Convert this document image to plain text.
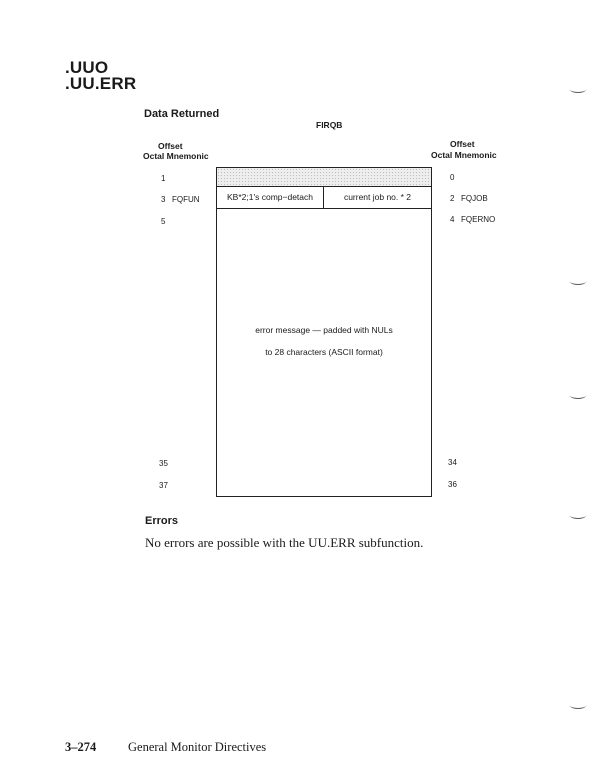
.UUO
.UU.ERR
Data Returned
FIRQB
Offset
Octal Mnemonic
Offset
Octal Mnemonic
KB*2;1's comp−detach	current job no. * 2
error message — padded with NULs
to 28 characters (ASCII format)
1
3 FQFUN
5
35
37
0
2 FQJOB
4 FQERNO
34
36
Errors
No errors are possible with the UU.ERR subfunction.
3–274	General Monitor Directives
